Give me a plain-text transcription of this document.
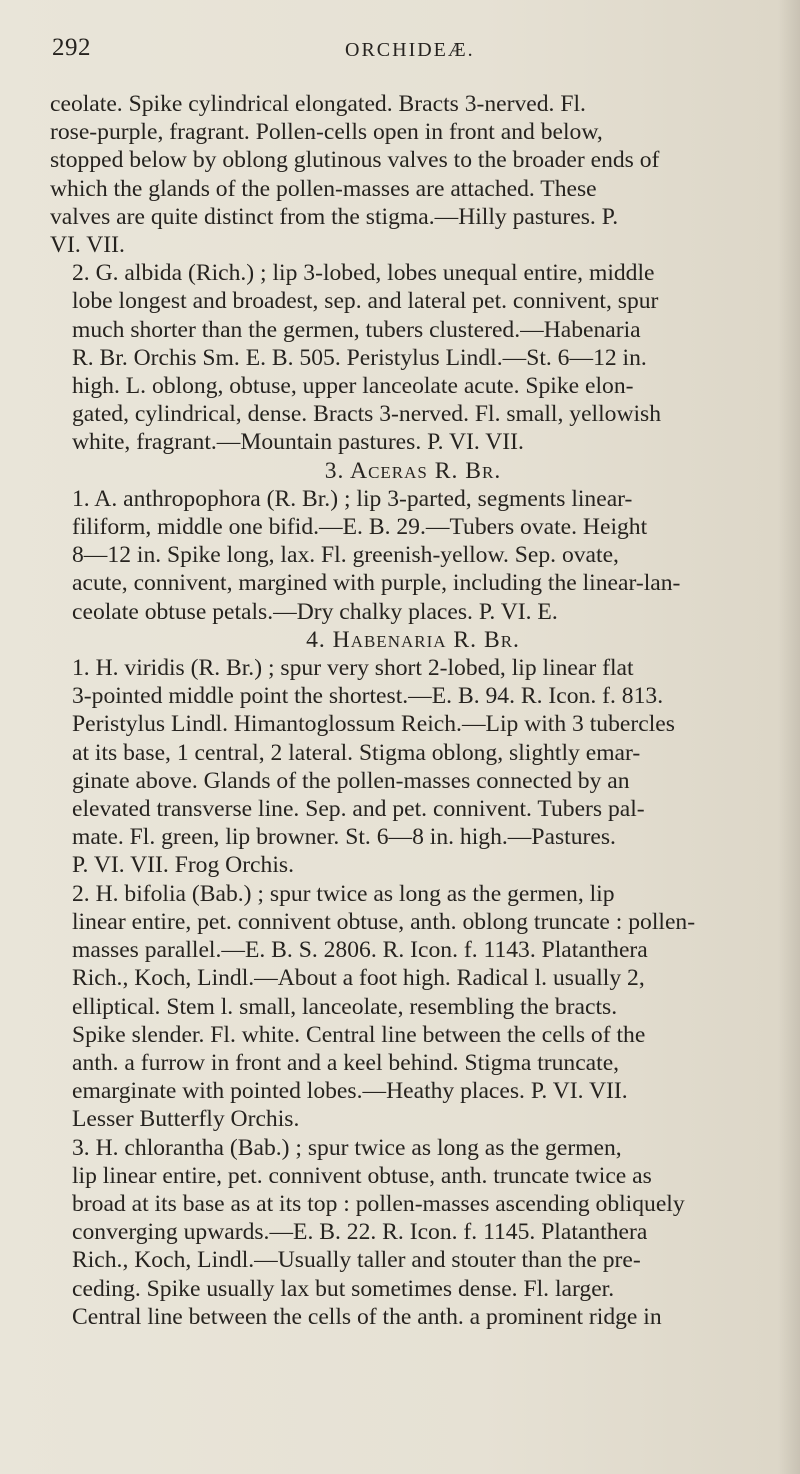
292	ORCHIDEÆ.

ceolate. Spike cylindrical elongated. Bracts 3-nerved. Fl.
rose-purple, fragrant. Pollen-cells open in front and below,
stopped below by oblong glutinous valves to the broader ends of
which the glands of the pollen-masses are attached. These
valves are quite distinct from the stigma.—Hilly pastures. P.
VI. VII.

2. G. albida (Rich.) ; lip 3-lobed, lobes unequal entire, middle
lobe longest and broadest, sep. and lateral pet. connivent, spur
much shorter than the germen, tubers clustered.—Habenaria
R. Br. Orchis Sm. E. B. 505. Peristylus Lindl.—St. 6—12 in.
high. L. oblong, obtuse, upper lanceolate acute. Spike elon-
gated, cylindrical, dense. Bracts 3-nerved. Fl. small, yellowish
white, fragrant.—Mountain pastures. P. VI. VII.

3. Aceras R. Br.

1. A. anthropophora (R. Br.) ; lip 3-parted, segments linear-
filiform, middle one bifid.—E. B. 29.—Tubers ovate. Height
8—12 in. Spike long, lax. Fl. greenish-yellow. Sep. ovate,
acute, connivent, margined with purple, including the linear-lan-
ceolate obtuse petals.—Dry chalky places. P. VI. E.

4. Habenaria R. Br.

1. H. viridis (R. Br.) ; spur very short 2-lobed, lip linear flat
3-pointed middle point the shortest.—E. B. 94. R. Icon. f. 813.
Peristylus Lindl. Himantoglossum Reich.—Lip with 3 tubercles
at its base, 1 central, 2 lateral. Stigma oblong, slightly emar-
ginate above. Glands of the pollen-masses connected by an
elevated transverse line. Sep. and pet. connivent. Tubers pal-
mate. Fl. green, lip browner. St. 6—8 in. high.—Pastures.
P. VI. VII. Frog Orchis.

2. H. bifolia (Bab.) ; spur twice as long as the germen, lip
linear entire, pet. connivent obtuse, anth. oblong truncate : pollen-
masses parallel.—E. B. S. 2806. R. Icon. f. 1143. Platanthera
Rich., Koch, Lindl.—About a foot high. Radical l. usually 2,
elliptical. Stem l. small, lanceolate, resembling the bracts.
Spike slender. Fl. white. Central line between the cells of the
anth. a furrow in front and a keel behind. Stigma truncate,
emarginate with pointed lobes.—Heathy places. P. VI. VII.
Lesser Butterfly Orchis.

3. H. chlorantha (Bab.) ; spur twice as long as the germen,
lip linear entire, pet. connivent obtuse, anth. truncate twice as
broad at its base as at its top : pollen-masses ascending obliquely
converging upwards.—E. B. 22. R. Icon. f. 1145. Platanthera
Rich., Koch, Lindl.—Usually taller and stouter than the pre-
ceding. Spike usually lax but sometimes dense. Fl. larger.
Central line between the cells of the anth. a prominent ridge in
